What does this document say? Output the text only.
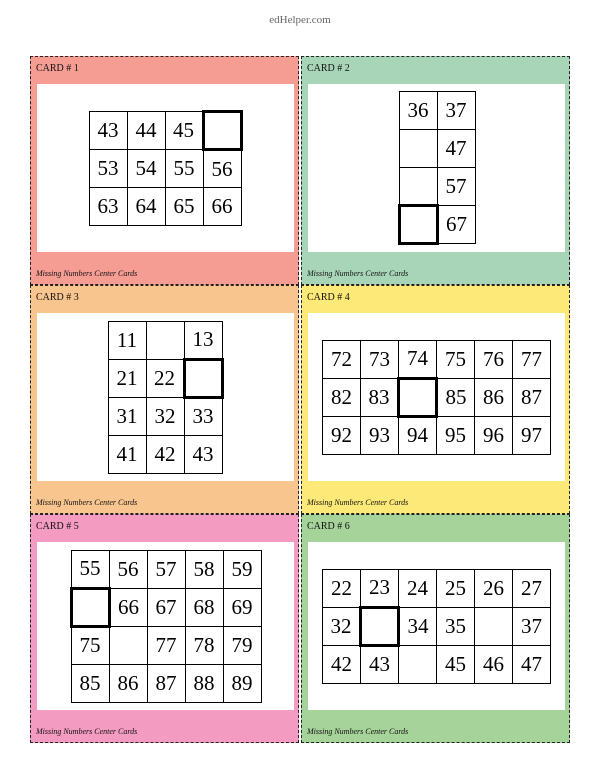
edHelper.com
CARD # 1
43	44	45	
53	54	55	56
63	64	65	66
Missing Numbers Center Cards
CARD # 2
36	37
	47
	57
	67
Missing Numbers Center Cards
CARD # 3
11		13
21	22	
31	32	33
41	42	43
Missing Numbers Center Cards
CARD # 4
72	73	74	75	76	77
82	83		85	86	87
92	93	94	95	96	97
Missing Numbers Center Cards
CARD # 5
55	56	57	58	59
	66	67	68	69
75		77	78	79
85	86	87	88	89
Missing Numbers Center Cards
CARD # 6
22	23	24	25	26	27
32		34	35		37
42	43		45	46	47
Missing Numbers Center Cards
